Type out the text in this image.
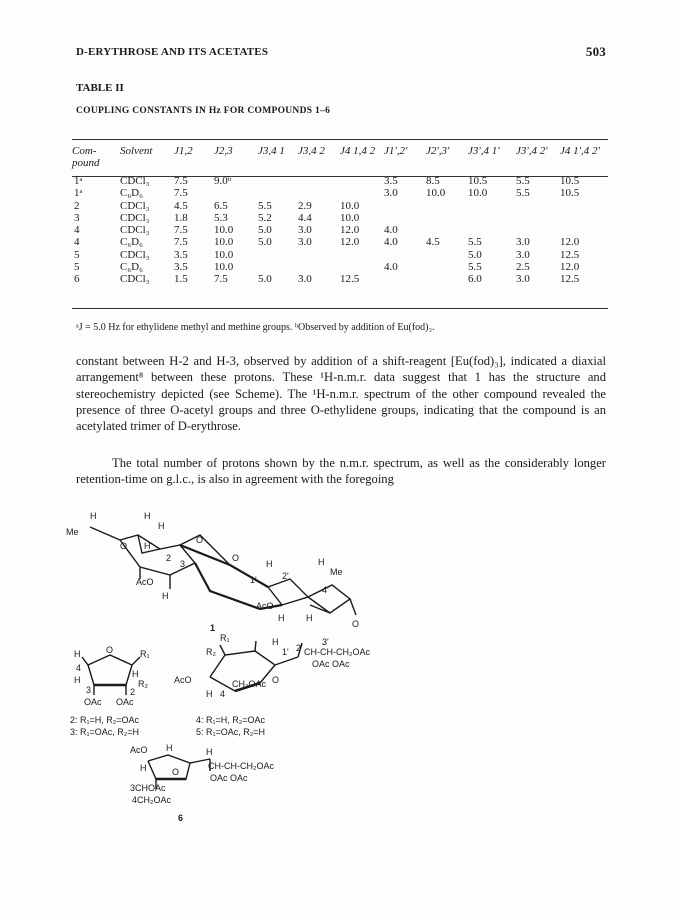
D-ERYTHROSE AND ITS ACETATES	503
TABLE II
COUPLING CONSTANTS IN Hz FOR COMPOUNDS 1–6
Com-
pound	Solvent	J1,2	J2,3	J3,4 1	J3,4 2	J4 1,4 2	J1',2'	J2',3'	J3',4 1'	J3',4 2'	J4 1',4 2'
1ᵃ	CDCl₃	7.5	9.0ᵇ				3.5	8.5	10.5	5.5	10.5
1ᵃ	C₆D₆	7.5					3.0	10.0	10.0	5.5	10.5
2	CDCl₃	4.5	6.5	5.5	2.9	10.0					
3	CDCl₃	1.8	5.3	5.2	4.4	10.0					
4	CDCl₃	7.5	10.0	5.0	3.0	12.0	4.0				
4	C₆D₆	7.5	10.0	5.0	3.0	12.0	4.0	4.5	5.5	3.0	12.0
5	CDCl₃	3.5	10.0						5.0	3.0	12.5
5	C₆D₆	3.5	10.0				4.0		5.5	2.5	12.0
6	CDCl₃	1.5	7.5	5.0	3.0	12.5			6.0	3.0	12.5
ᵃJ = 5.0 Hz for ethylidene methyl and methine groups. ᵇObserved by addition of Eu(fod)₃.

constant between H-2 and H-3, observed by addition of a shift-reagent [Eu(fod)₃], indicated a diaxial arrangement⁸ between these protons. These ¹H-n.m.r. data suggest that 1 has the structure and stereochemistry depicted (see Scheme). The ¹H-n.m.r. spectrum of the other compound revealed the presence of three O-acetyl groups and three O-ethylidene groups, indicating that the compound is an acetylated trimer of D-erythrose.

The total number of protons shown by the n.m.r. spectrum, as well as the considerably longer retention-time on g.l.c., is also in agreement with the foregoing

H	H
H
Me
O
O
H
2
3
O
1'
H
2'
H
Me
AcO
H
4'
AcO
H H
O
1
H	O	R₁
4
H
H
R₂
3	2
OAc OAc
2: R₁=H, R₂=OAc
3: R₁=OAc, R₂=H
R₁
R₂
H
1' 2'
3'
CH-CH-CH₂OAc
OAc OAc
AcO	CH₂OAc O
H 4
4: R₁=H, R₂=OAc
5: R₁=OAc, R₂=H
AcO H
H	O
H
CH-CH-CH₂OAc
OAc OAc
3CHOAc
4CH₂OAc
6
